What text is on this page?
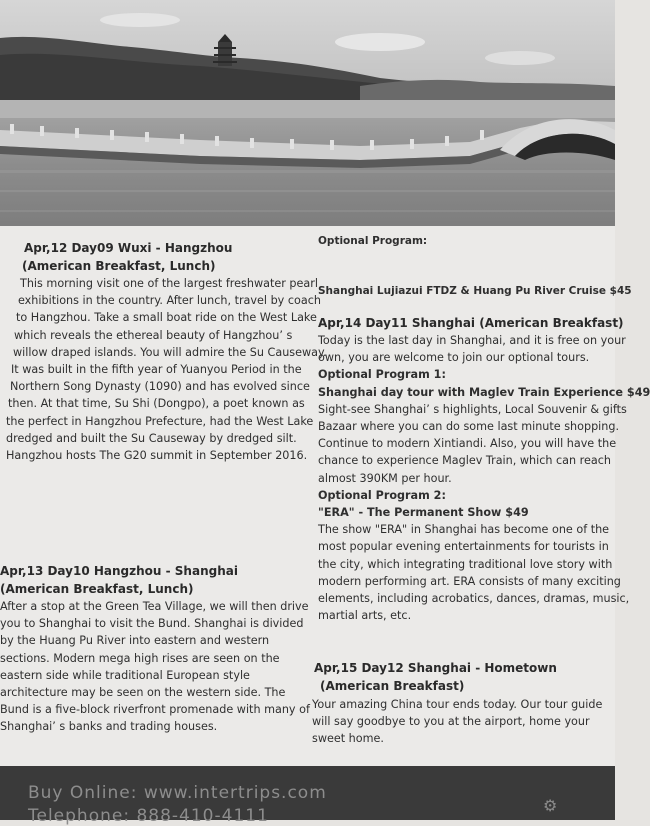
Apr,12 Day09 Wuxi - Hangzhou
(American Breakfast, Lunch)
This morning visit one of the largest freshwater pearl
exhibitions in the country. After lunch, travel by coach
to Hangzhou. Take a small boat ride on the West Lake
which reveals the ethereal beauty of Hangzhou’ s
willow draped islands. You will admire the Su Causeway.
It was built in the fifth year of Yuanyou Period in the
Northern Song Dynasty (1090) and has evolved since
then. At that time, Su Shi (Dongpo), a poet known as
the perfect in Hangzhou Prefecture, had the West Lake
dredged and built the Su Causeway by dredged silt.
Hangzhou hosts The G20 summit in September 2016.
Apr,13 Day10 Hangzhou - Shanghai
(American Breakfast, Lunch)
After a stop at the Green Tea Village, we will then drive
you to Shanghai to visit the Bund. Shanghai is divided
by the Huang Pu River into eastern and western
sections. Modern mega high rises are seen on the
eastern side while traditional European style
architecture may be seen on the western side. The
Bund is a five-block riverfront promenade with many of
Shanghai’ s banks and trading houses.
Optional Program:
Shanghai Lujiazui FTDZ & Huang Pu River Cruise $45
Apr,14 Day11 Shanghai (American Breakfast)
Today is the last day in Shanghai, and it is free on your
own, you are welcome to join our optional tours.
Optional Program 1:
Shanghai day tour with Maglev Train Experience $49
Sight-see Shanghai’ s highlights, Local Souvenir & gifts
Bazaar where you can do some last minute shopping.
Continue to modern Xintiandi. Also, you will have the
chance to experience Maglev Train, which can reach
almost 390KM per hour.
Optional Program 2:
"ERA" - The Permanent Show $49
The show "ERA" in Shanghai has become one of the
most popular evening entertainments for tourists in
the city, which integrating traditional love story with
modern performing art. ERA consists of many exciting
elements, including acrobatics, dances, dramas, music,
martial arts, etc.
Apr,15 Day12 Shanghai - Hometown
(American Breakfast)
Your amazing China tour ends today. Our tour guide
will say goodbye to you at the airport, home your
sweet home.
Buy Online: www.intertrips.com
Telephone: 888-410-4111
⚙
